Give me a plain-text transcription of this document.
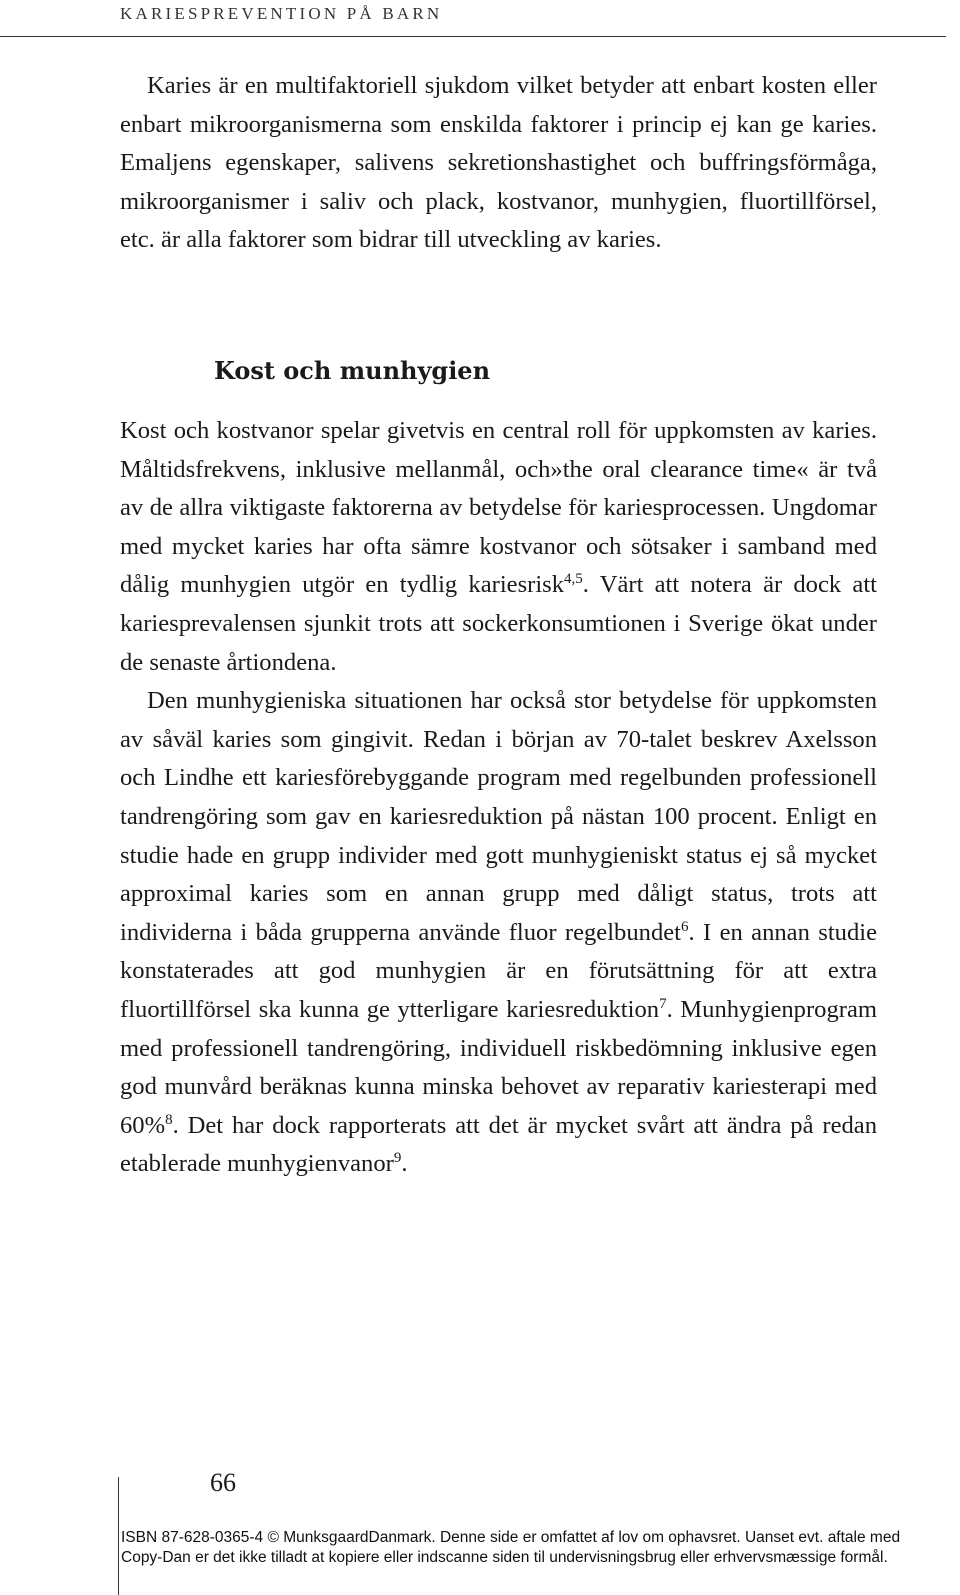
KARIESPREVENTION PÅ BARN

Karies är en multifaktoriell sjukdom vilket betyder att enbart kosten eller enbart mikroorganismerna som enskilda faktorer i princip ej kan ge karies. Emaljens egenskaper, salivens sekretionshastighet och buffringsförmåga, mikroorganismer i saliv och plack, kostvanor, munhygien, fluortillförsel, etc. är alla faktorer som bidrar till utveckling av karies.

Kost och munhygien

Kost och kostvanor spelar givetvis en central roll för uppkomsten av karies. Måltidsfrekvens, inklusive mellanmål, och»the oral clearance time« är två av de allra viktigaste faktorerna av betydelse för kariesprocessen. Ungdomar med mycket karies har ofta sämre kostvanor och sötsaker i samband med dålig munhygien utgör en tydlig kariesrisk$^{4,5}$. Värt att notera är dock att kariesprevalensen sjunkit trots att sockerkonsumtionen i Sverige ökat under de senaste årtiondena.

Den munhygieniska situationen har också stor betydelse för uppkomsten av såväl karies som gingivit. Redan i början av 70-talet beskrev Axelsson och Lindhe ett kariesförebyggande program med regelbunden professionell tandrengöring som gav en kariesreduktion på nästan 100 procent. Enligt en studie hade en grupp individer med gott munhygieniskt status ej så mycket approximal karies som en annan grupp med dåligt status, trots att individerna i båda grupperna använde fluor regelbundet$^6$. I en annan studie konstaterades att god munhygien är en förutsättning för att extra fluortillförsel ska kunna ge ytterligare kariesreduktion$^7$. Munhygienprogram med professionell tandrengöring, individuell riskbedömning inklusive egen god munvård beräknas kunna minska behovet av reparativ kariesterapi med 60%$^8$. Det har dock rapporterats att det är mycket svårt att ändra på redan etablerade munhygienvanor$^9$.

66
ISBN 87-628-0365-4 © MunksgaardDanmark. Denne side er omfattet af lov om ophavsret. Uanset evt. aftale med
Copy-Dan er det ikke tilladt at kopiere eller indscanne siden til undervisningsbrug eller erhvervsmæssige formål.
